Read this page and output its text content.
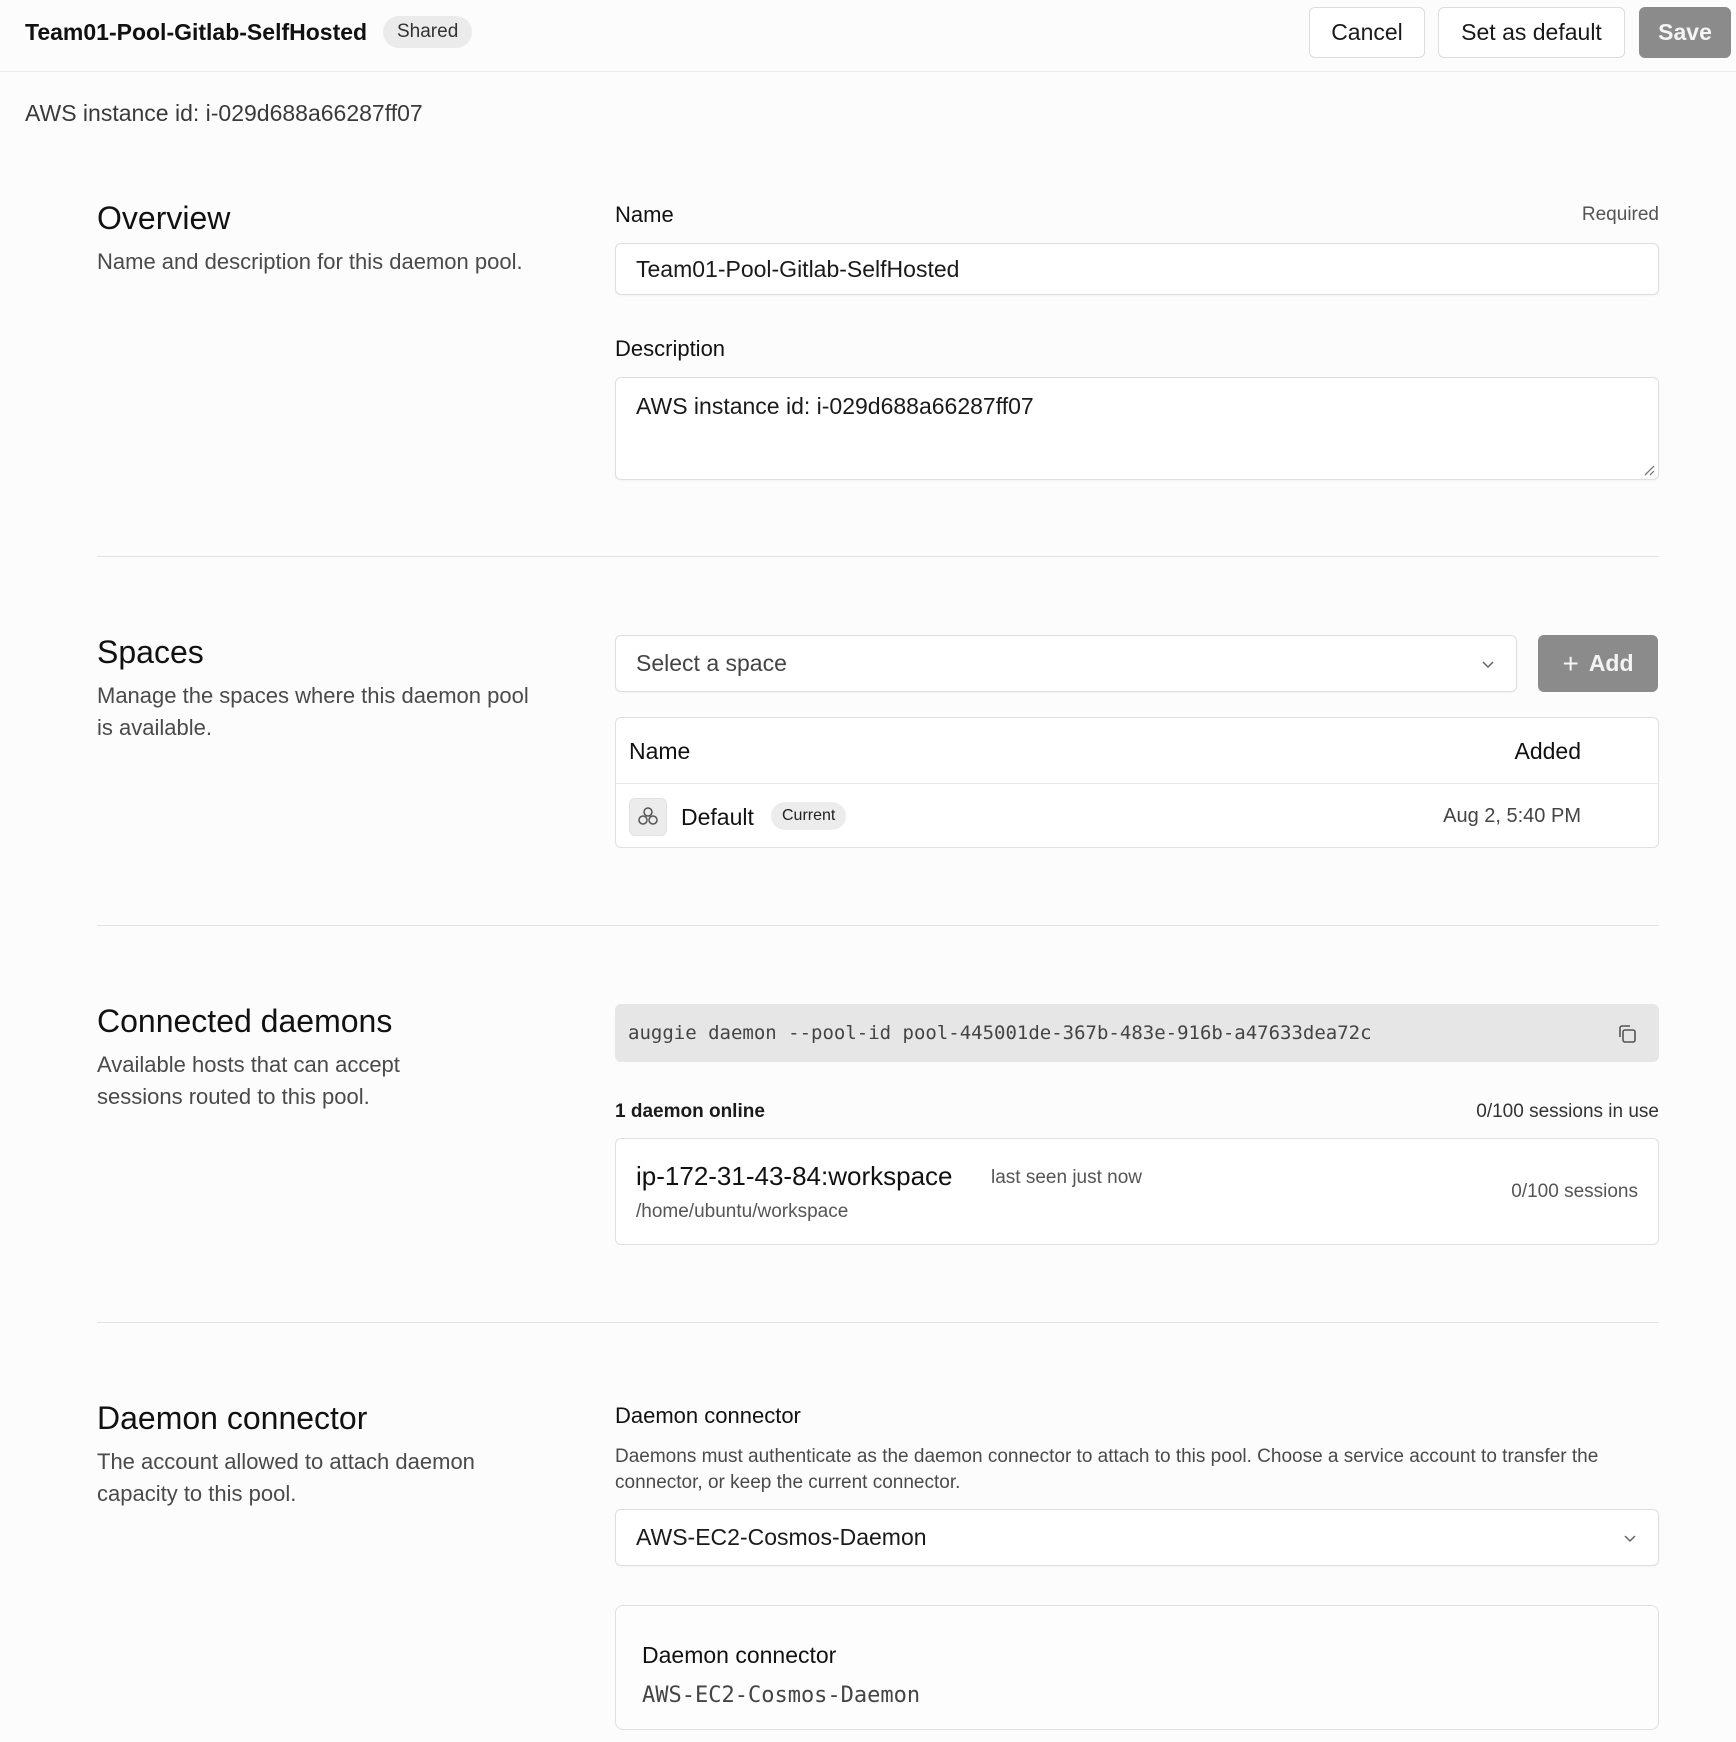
Team01-Pool-Gitlab-SelfHosted	Shared	Cancel	Set as default	Save
AWS instance id: i-029d688a66287ff07
Overview
Name and description for this daemon pool.
Name	Required
Team01-Pool-Gitlab-SelfHosted
Description
AWS instance id: i-029d688a66287ff07
Spaces
Manage the spaces where this daemon pool is available.
Select a space	+ Add
Name	Added
Default	Current	Aug 2, 5:40 PM
Connected daemons
Available hosts that can accept sessions routed to this pool.
auggie daemon --pool-id pool-445001de-367b-483e-916b-a47633dea72c
1 daemon online	0/100 sessions in use
ip-172-31-43-84:workspace last seen just now
/home/ubuntu/workspace
0/100 sessions
Daemon connector
The account allowed to attach daemon capacity to this pool.
Daemon connector
Daemons must authenticate as the daemon connector to attach to this pool. Choose a service account to transfer the connector, or keep the current connector.
AWS-EC2-Cosmos-Daemon
Daemon connector
AWS-EC2-Cosmos-Daemon
